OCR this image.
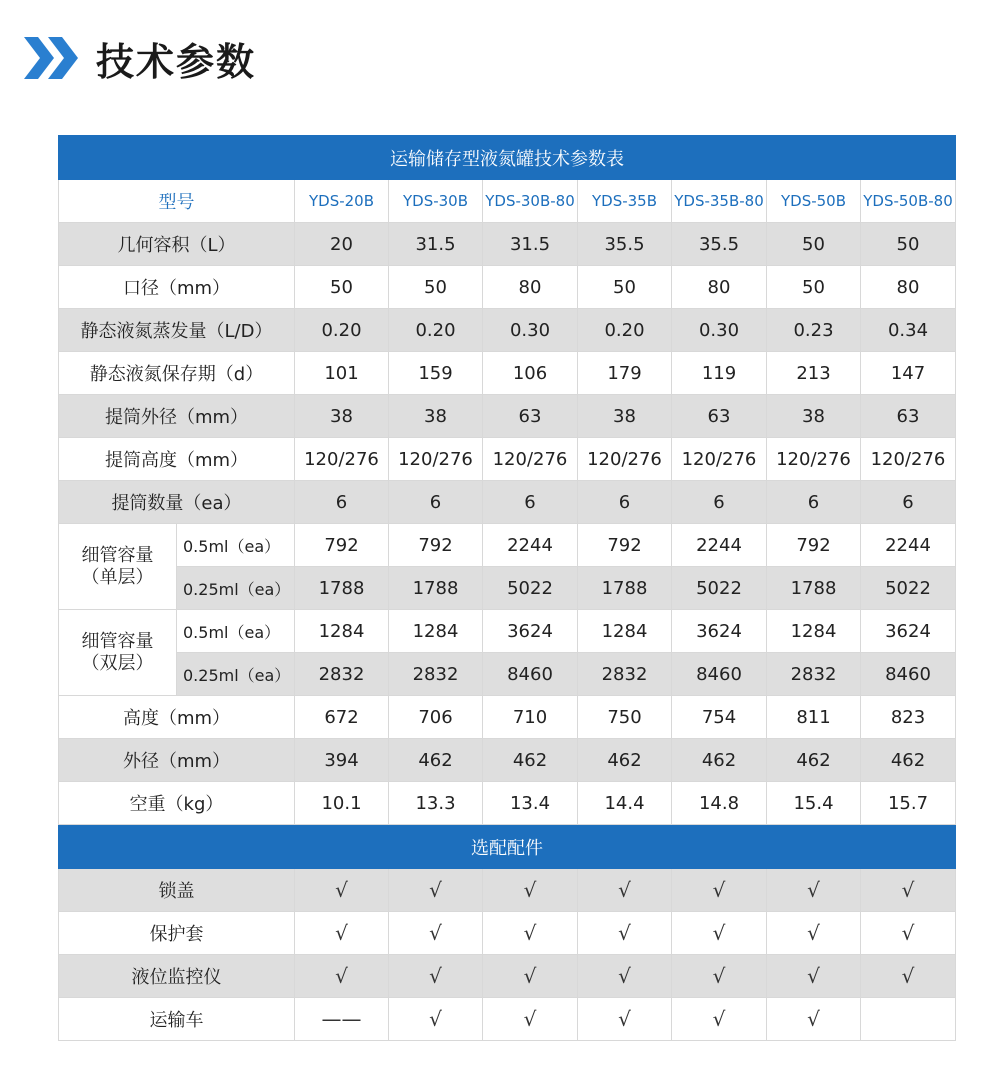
技术参数
运输储存型液氮罐技术参数表								
型号		YDS-20B	YDS-30B	YDS-30B-80	YDS-35B	YDS-35B-80	YDS-50B	YDS-50B-80
几何容积（L）		20	31.5	31.5	35.5	35.5	50	50
口径（mm）		50	50	80	50	80	50	80
静态液氮蒸发量（L/D）		0.20	0.20	0.30	0.20	0.30	0.23	0.34
静态液氮保存期（d）		101	159	106	179	119	213	147
提筒外径（mm）		38	38	63	38	63	38	63
提筒高度（mm）		120/276	120/276	120/276	120/276	120/276	120/276	120/276
提筒数量（ea）		6	6	6	6	6	6	6

细管容量
（单层）	0.5ml（ea）	792	792	2244	792	2244	792	2244
	0.25ml（ea）	1788	1788	5022	1788	5022	1788	5022

细管容量
（双层）	0.5ml（ea）	1284	1284	3624	1284	3624	1284	3624
	0.25ml（ea）	2832	2832	8460	2832	8460	2832	8460
高度（mm）		672	706	710	750	754	811	823
外径（mm）		394	462	462	462	462	462	462
空重（kg）		10.1	13.3	13.4	14.4	14.8	15.4	15.7
选配配件								
锁盖		√	√	√	√	√	√	√
保护套		√	√	√	√	√	√	√
液位监控仪		√	√	√	√	√	√	√
运输车		——	√	√	√	√	√	
